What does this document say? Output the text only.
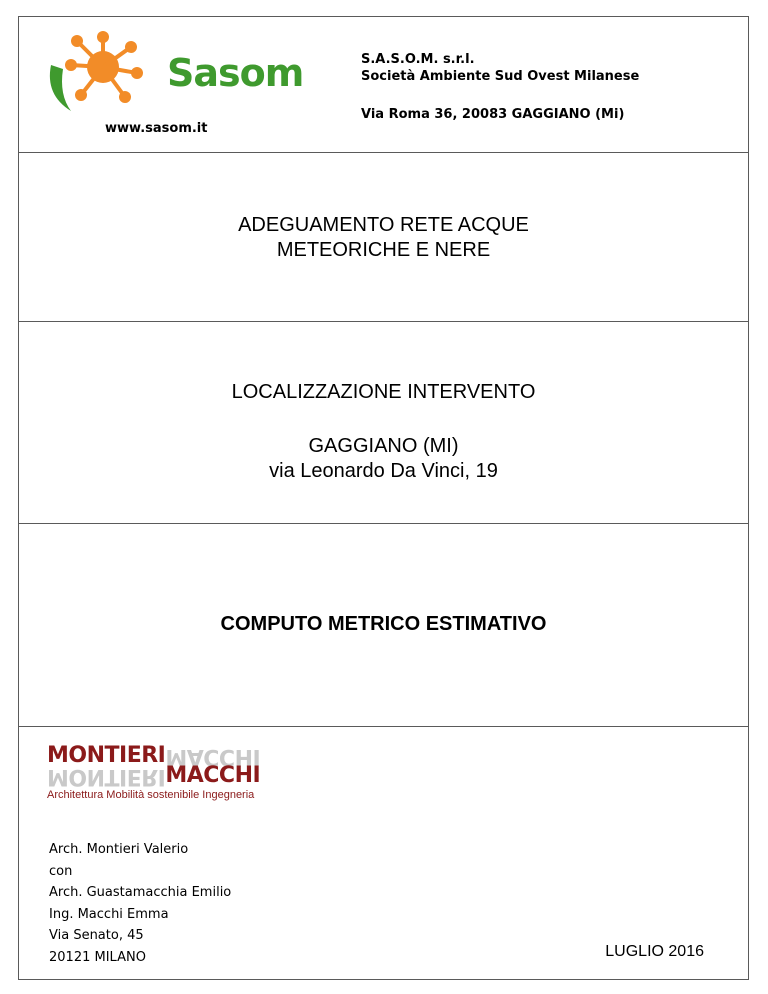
Sasom
www.sasom.it
S.A.S.O.M. s.r.l.
Società Ambiente Sud Ovest Milanese
Via Roma 36, 20083 GAGGIANO (Mi)
ADEGUAMENTO RETE ACQUE
METEORICHE E NERE
LOCALIZZAZIONE INTERVENTO
GAGGIANO (MI)
via Leonardo Da Vinci, 19
COMPUTO METRICO ESTIMATIVO
MONTIERIMACCHI
MONTIERIMACCHI
Architettura Mobilità sostenibile Ingegneria
Arch. Montieri Valerio
con
Arch. Guastamacchia Emilio
Ing. Macchi Emma
Via Senato, 45
20121 MILANO	LUGLIO 2016
